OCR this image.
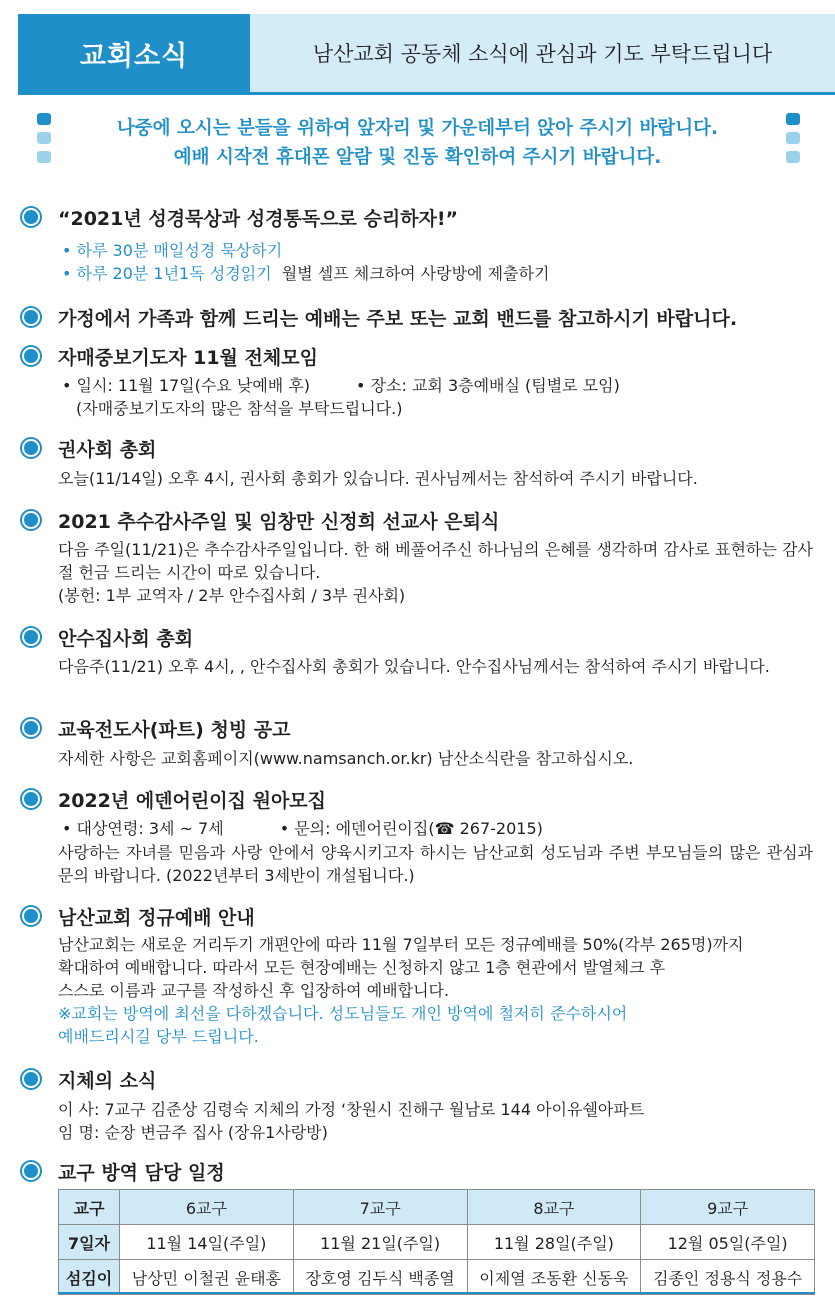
교회소식	남산교회 공동체 소식에 관심과 기도 부탁드립니다
나중에 오시는 분들을 위하여 앞자리 및 가운데부터 앉아 주시기 바랍니다.
예배 시작전 휴대폰 알람 및 진동 확인하여 주시기 바랍니다.
“2021년 성경묵상과 성경통독으로 승리하자!”
• 하루 30분 매일성경 묵상하기
• 하루 20분 1년1독 성경읽기 월별 셀프 체크하여 사랑방에 제출하기
가정에서 가족과 함께 드리는 예배는 주보 또는 교회 밴드를 참고하시기 바랍니다.
자매중보기도자 11월 전체모임
• 일시: 11월 17일(수요 낮예배 후)	• 장소: 교회 3층예배실 (팀별로 모임)
(자매중보기도자의 많은 참석을 부탁드립니다.)
권사회 총회
오늘(11/14일) 오후 4시, 권사회 총회가 있습니다. 권사님께서는 참석하여 주시기 바랍니다.
2021 추수감사주일 및 임창만 신정희 선교사 은퇴식
다음 주일(11/21)은 추수감사주일입니다. 한 해 베풀어주신 하나님의 은혜를 생각하며 감사로 표현하는 감사절 헌금 드리는 시간이 따로 있습니다.
(봉헌: 1부 교역자 / 2부 안수집사회 / 3부 권사회)
안수집사회 총회
다음주(11/21) 오후 4시, , 안수집사회 총회가 있습니다. 안수집사님께서는 참석하여 주시기 바랍니다.
교육전도사(파트) 청빙 공고
자세한 사항은 교회홈페이지(www.namsanch.or.kr) 남산소식란을 참고하십시오.
2022년 에덴어린이집 원아모집
• 대상연령: 3세 ~ 7세	• 문의: 에덴어린이집(☎ 267-2015)
사랑하는 자녀를 믿음과 사랑 안에서 양육시키고자 하시는 남산교회 성도님과 주변 부모님들의 많은 관심과 문의 바랍니다. (2022년부터 3세반이 개설됩니다.)
남산교회 정규예배 안내
남산교회는 새로운 거리두기 개편안에 따라 11월 7일부터 모든 정규예배를 50%(각부 265명)까지
확대하여 예배합니다. 따라서 모든 현장예배는 신청하지 않고 1층 현관에서 발열체크 후
스스로 이름과 교구를 작성하신 후 입장하여 예배합니다.
※교회는 방역에 최선을 다하겠습니다. 성도님들도 개인 방역에 철저히 준수하시어
예배드리시길 당부 드립니다.
지체의 소식
이 사: 7교구 김준상 김령숙 지체의 가정 ‘창원시 진해구 월남로 144 아이유쉘아파트
임 명: 순장 변금주 집사 (장유1사랑방)
교구 방역 담당 일정
교구	6교구	7교구	8교구	9교구
7일자	11월 14일(주일)	11월 21일(주일)	11월 28일(주일)	12월 05일(주일)
섬김이	남상민 이철권 윤태홍	장호영 김두식 백종열	이제열 조동환 신동욱	김종인 정용식 정용수
